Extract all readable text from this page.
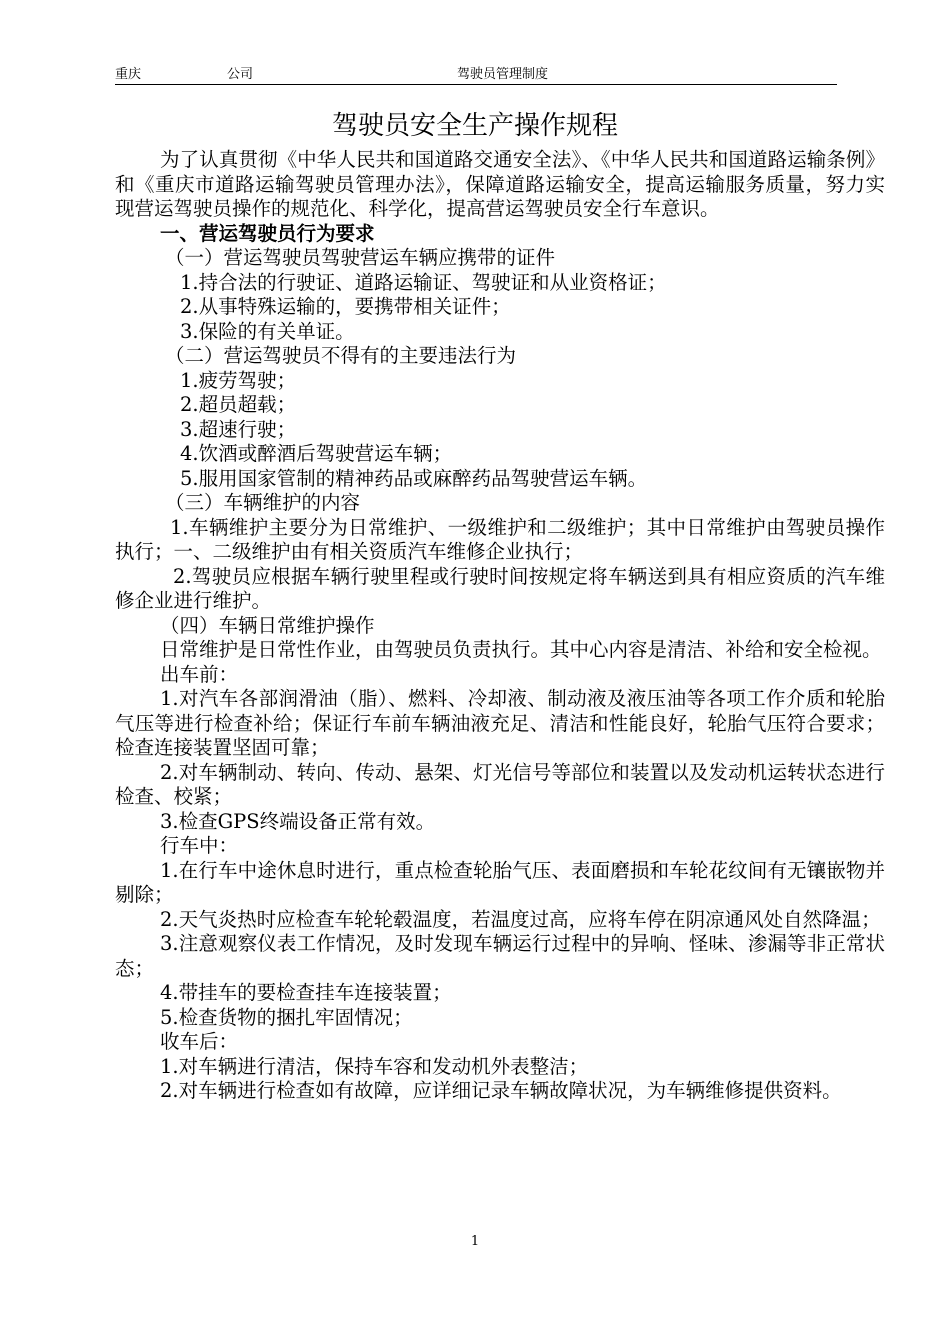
重庆	公司	驾驶员管理制度
驾驶员安全生产操作规程

为了认真贯彻《中华人民共和国道路交通安全法》、《中华人民共和国道路运输条例》和《重庆市道路运输驾驶员管理办法》，保障道路运输安全，提高运输服务质量，努力实现营运驾驶员操作的规范化、科学化，提高营运驾驶员安全行车意识。

一、营运驾驶员行为要求

（一）营运驾驶员驾驶营运车辆应携带的证件

1.持合法的行驶证、道路运输证、驾驶证和从业资格证；

2.从事特殊运输的，要携带相关证件；

3.保险的有关单证。

（二）营运驾驶员不得有的主要违法行为

1.疲劳驾驶；

2.超员超载；

3.超速行驶；

4.饮酒或醉酒后驾驶营运车辆；

5.服用国家管制的精神药品或麻醉药品驾驶营运车辆。

（三）车辆维护的内容

1.车辆维护主要分为日常维护、一级维护和二级维护；其中日常维护由驾驶员操作执行；一、二级维护由有相关资质汽车维修企业执行；

2.驾驶员应根据车辆行驶里程或行驶时间按规定将车辆送到具有相应资质的汽车维修企业进行维护。

（四）车辆日常维护操作

日常维护是日常性作业，由驾驶员负责执行。其中心内容是清洁、补给和安全检视。

出车前：

1.对汽车各部润滑油（脂）、燃料、冷却液、制动液及液压油等各项工作介质和轮胎气压等进行检查补给；保证行车前车辆油液充足、清洁和性能良好，轮胎气压符合要求；检查连接装置坚固可靠；

2.对车辆制动、转向、传动、悬架、灯光信号等部位和装置以及发动机运转状态进行检查、校紧；

3.检查GPS终端设备正常有效。

行车中：

1.在行车中途休息时进行，重点检查轮胎气压、表面磨损和车轮花纹间有无镶嵌物并剔除；

2.天气炎热时应检查车轮轮毂温度，若温度过高，应将车停在阴凉通风处自然降温；

3.注意观察仪表工作情况，及时发现车辆运行过程中的异响、怪味、渗漏等非正常状态；

4.带挂车的要检查挂车连接装置；

5.检查货物的捆扎牢固情况；

收车后：

1.对车辆进行清洁，保持车容和发动机外表整洁；

2.对车辆进行检查如有故障，应详细记录车辆故障状况，为车辆维修提供资料。

1
